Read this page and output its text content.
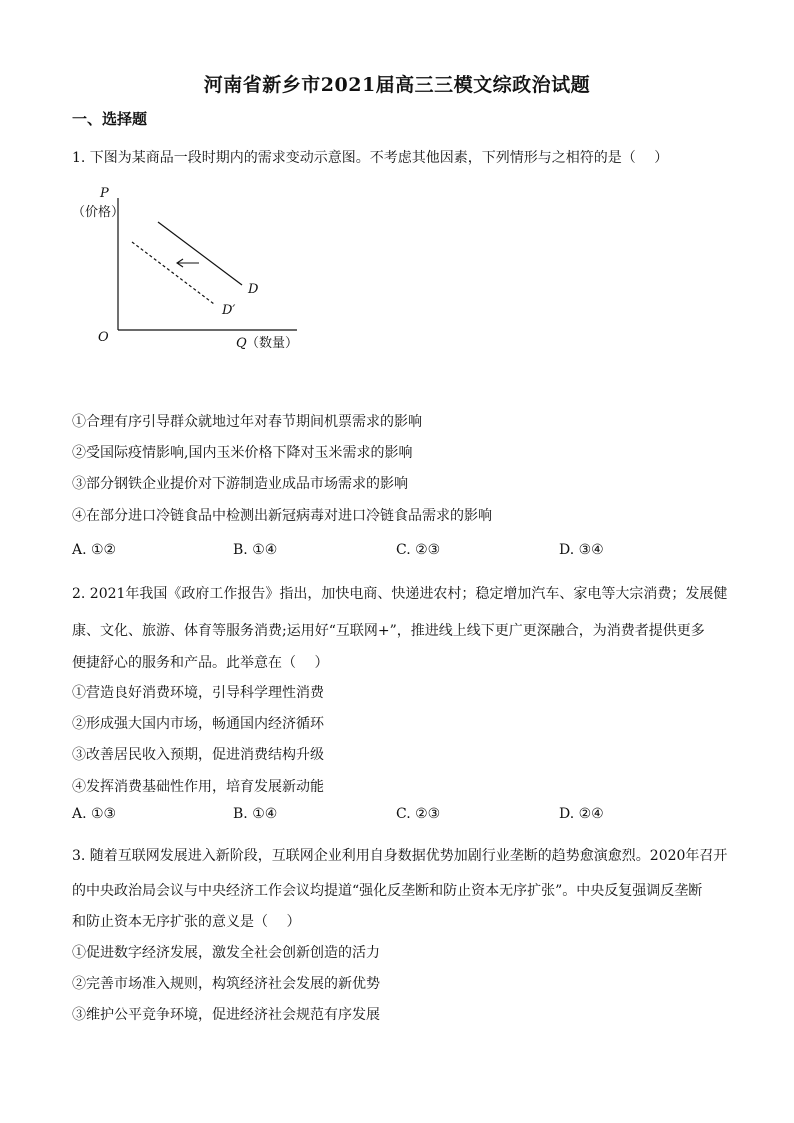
河南省新乡市2021届高三三模文综政治试题
一、选择题
1. 下图为某商品一段时期内的需求变动示意图。不考虑其他因素，下列情形与之相符的是（　 ）
P
（价格）
O	Q （数量）
D
D′
①合理有序引导群众就地过年对春节期间机票需求的影响
②受国际疫情影响,国内玉米价格下降对玉米需求的影响
③部分钢铁企业提价对下游制造业成品市场需求的影响
④在部分进口冷链食品中检测出新冠病毒对进口冷链食品需求的影响
A. ①②	B. ①④	C. ②③	D. ③④
2. 2021年我国《政府工作报告》指出，加快电商、快递进农村；稳定增加汽车、家电等大宗消费；发展健
康、文化、旅游、体育等服务消费;运用好“互联网+”，推进线上线下更广更深融合，为消费者提供更多
便捷舒心的服务和产品。此举意在（　 ）
①营造良好消费环境，引导科学理性消费
②形成强大国内市场，畅通国内经济循环
③改善居民收入预期，促进消费结构升级
④发挥消费基础性作用，培育发展新动能
A. ①③	B. ①④	C. ②③	D. ②④
3. 随着互联网发展进入新阶段，互联网企业利用自身数据优势加剧行业垄断的趋势愈演愈烈。2020年召开
的中央政治局会议与中央经济工作会议均提道“强化反垄断和防止资本无序扩张”。中央反复强调反垄断
和防止资本无序扩张的意义是（　 ）
①促进数字经济发展，激发全社会创新创造的活力
②完善市场准入规则，构筑经济社会发展的新优势
③维护公平竞争环境，促进经济社会规范有序发展
